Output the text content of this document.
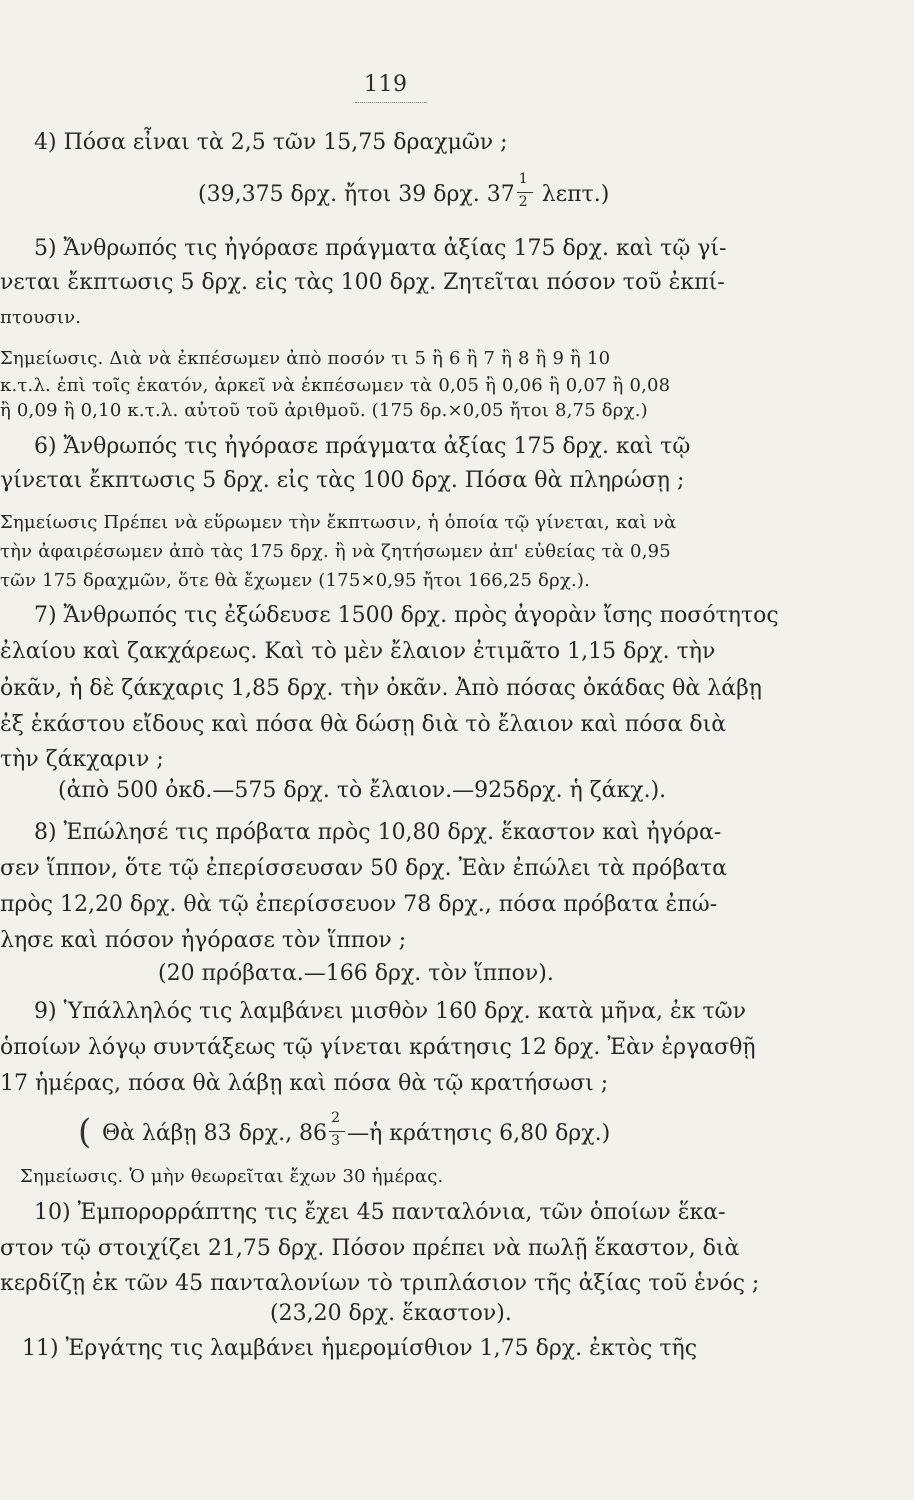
119
4) Πόσα εἶναι τὰ 2,5 τῶν 15,75 δραχμῶν ;
(39,375 δρχ. ἤτοι 39 δρχ. $37 \frac{1}{2} \lambda\varepsilon\pi\tau$.)
5) Ἄνθρωπός τις ἠγόρασε πράγματα ἀξίας 175 δρχ. καὶ τῷ γί-
νεται ἔκπτωσις 5 δρχ. εἰς τὰς 100 δρχ. Ζητεῖται πόσον τοῦ ἐκπί-
πτουσιν.
Σημείωσις. Διὰ νὰ ἐκπέσωμεν ἀπὸ ποσόν τι 5 ἢ 6 ἢ 7 ἢ 8 ἢ 9 ἢ 10
κ.τ.λ. ἐπὶ τοῖς ἑκατόν, ἀρκεῖ νὰ ἐκπέσωμεν τὰ 0,05 ἢ 0,06 ἢ 0,07 ἢ 0,08
ἢ 0,09 ἢ 0,10 κ.τ.λ. αὐτοῦ τοῦ ἀριθμοῦ. (175 δρ.×0,05 ἤτοι 8,75 δρχ.)
6) Ἄνθρωπός τις ἠγόρασε πράγματα ἀξίας 175 δρχ. καὶ τῷ
γίνεται ἔκπτωσις 5 δρχ. εἰς τὰς 100 δρχ. Πόσα θὰ πληρώσῃ ;
Σημείωσις Πρέπει νὰ εὕρωμεν τὴν ἔκπτωσιν, ἡ ὁποία τῷ γίνεται, καὶ νὰ
τὴν ἀφαιρέσωμεν ἀπὸ τὰς 175 δρχ. ἢ νὰ ζητήσωμεν ἀπ' εὐθείας τὰ 0,95
τῶν 175 δραχμῶν, ὅτε θὰ ἔχωμεν (175×0,95 ἤτοι 166,25 δρχ.).
7) Ἄνθρωπός τις ἐξώδευσε 1500 δρχ. πρὸς ἀγορὰν ἴσης ποσότητος
ἐλαίου καὶ ζακχάρεως. Καὶ τὸ μὲν ἔλαιον ἐτιμᾶτο 1,15 δρχ. τὴν
ὀκᾶν, ἡ δὲ ζάκχαρις 1,85 δρχ. τὴν ὀκᾶν. Ἀπὸ πόσας ὀκάδας θὰ λάβῃ
ἐξ ἑκάστου εἴδους καὶ πόσα θὰ δώσῃ διὰ τὸ ἔλαιον καὶ πόσα διὰ
τὴν ζάκχαριν ;
(ἀπὸ 500 ὀκδ.—575 δρχ. τὸ ἔλαιον.—925δρχ. ἡ ζάκχ.).
8) Ἐπώλησέ τις πρόβατα πρὸς 10,80 δρχ. ἕκαστον καὶ ἠγόρα-
σεν ἵππον, ὅτε τῷ ἐπερίσσευσαν 50 δρχ. Ἐὰν ἐπώλει τὰ πρόβατα
πρὸς 12,20 δρχ. θὰ τῷ ἐπερίσσευον 78 δρχ., πόσα πρόβατα ἐπώ-
λησε καὶ πόσον ἠγόρασε τὸν ἵππον ;
(20 πρόβατα.—166 δρχ. τὸν ἵππον).
9) Ὑπάλληλός τις λαμβάνει μισθὸν 160 δρχ. κατὰ μῆνα, ἐκ τῶν
ὁποίων λόγῳ συντάξεως τῷ γίνεται κράτησις 12 δρχ. Ἐὰν ἐργασθῇ
17 ἡμέρας, πόσα θὰ λάβῃ καὶ πόσα θὰ τῷ κρατήσωσι ;
( Θὰ λάβῃ 83 δρχ., $86 \frac{2}{3}$ —ἡ κράτησις 6,80 δρχ.)
Σημείωσις. Ὁ μὴν θεωρεῖται ἔχων 30 ἡμέρας.
10) Ἐμπορορράπτης τις ἔχει 45 πανταλόνια, τῶν ὁποίων ἕκα-
στον τῷ στοιχίζει 21,75 δρχ. Πόσον πρέπει νὰ πωλῇ ἕκαστον, διὰ
κερδίζῃ ἐκ τῶν 45 πανταλονίων τὸ τριπλάσιον τῆς ἀξίας τοῦ ἑνός ;
(23,20 δρχ. ἕκαστον).
11) Ἐργάτης τις λαμβάνει ἡμερομίσθιον 1,75 δρχ. ἐκτὸς τῆς
